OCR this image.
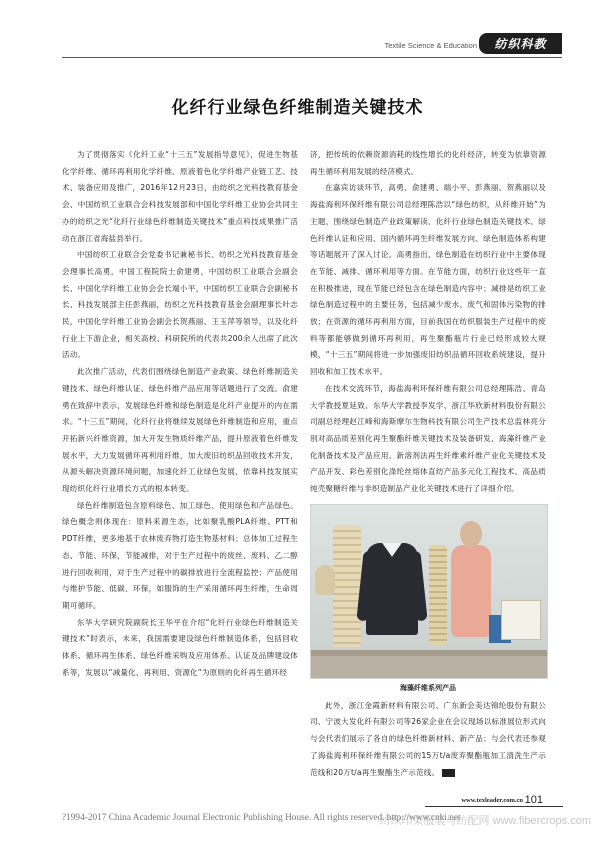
Textile Science & Education	纺织科教
化纤行业绿色纤维制造关键技术

为了贯彻落实《化纤工业“十三五”发展指导意见》，促进生物基化学纤维、循环再利用化学纤维、原液着色化学纤维产业链工艺、技术、装备应用及推广，2016年12月23日，由纺织之光科技教育基金会、中国纺织工业联合会科技发展部和中国化学纤维工业协会共同主办的纺织之光“化纤行业绿色纤维制造关键技术”重点科技成果推广活动在浙江省海盐县举行。

中国纺织工业联合会党委书记兼秘书长、纺织之光科技教育基金会理事长高勇，中国工程院院士俞建勇，中国纺织工业联合会副会长、中国化学纤维工业协会会长端小平，中国纺织工业联合会副秘书长、科技发展部主任彭燕丽，纺织之光科技教育基金会副理事长叶志民，中国化学纤维工业协会副会长贺燕丽、王玉萍等领导，以及化纤行业上下游企业，相关高校、科研院所的代表共200余人出席了此次活动。

此次推广活动，代表们围绕绿色制造产业政策、绿色纤维制造关键技术、绿色纤维认证、绿色纤维产品应用等话题进行了交流。俞建勇在致辞中表示，发展绿色纤维和绿色制造是化纤产业提升的内在需求。“十三五”期间，化纤行业将继续发展绿色纤维制造和应用，重点开拓新兴纤维资源，加大开发生物质纤维产品，提升原液着色纤维发展水平，大力发展循环再利用纤维，加大废旧纺织品回收技术开发，从源头解决资源环境问题，加速化纤工业绿色发展，依靠科技发展实现纺织化纤行业增长方式的根本转变。

绿色纤维制造包含原料绿色、加工绿色、使用绿色和产品绿色。绿色概念则体现在：原料来源生态，比如聚乳酸PLA纤维、PTT和PDT纤维，更多地基于农林废弃物打造生物基材料；总体加工过程生态、节能、环保，节能减排，对于生产过程中的废丝、废料、乙二醇进行回收利用，对于生产过程中的碳排放进行全流程监控；产品使用与维护节能、低碳、环保，如服饰的生产采用循环再生纤维，生命周期可循环。

东华大学研究院副院长王华平在介绍“化纤行业绿色纤维制造关键技术”时表示，未来，我国需要建设绿色纤维制造体系，包括回收体系、循环再生体系、绿色纤维采购及应用体系、认证及品牌建设体系等，发展以“减量化、再利用、资源化”为原则的化纤再生循环经

济，把传统的依赖资源消耗的线性增长的化纤经济，转变为依靠资源再生循环利用发展的经济模式。

在嘉宾访谈环节，高勇、俞建勇、端小平、彭燕丽、贺燕丽以及海盐海利环保纤维有限公司总经理陈浩以“绿色纺织，从纤维开始”为主题，围绕绿色制造产业政策解读、化纤行业绿色制造关键技术、绿色纤维认证和应用、国内循环再生纤维发展方向、绿色制造体系构建等话题展开了深入讨论。高勇指出，绿色制造在纺织行业中主要体现在节能、减排、循环利用等方面。在节能方面，纺织行业这些年一直在积极推进，现在节能已经包含在绿色制造内容中；减排是纺织工业绿色制造过程中的主要任务，包括减少废水、废气和固体污染物的排放；在资源的循环再利用方面，目前我国在纺织服装生产过程中的废料等都能够做到循环再利用，再生聚酯瓶片行业已经形成较大规模，“十三五”期间将进一步加强废旧纺织品循环回收系统建设，提升回收和加工技术水平。

在技术交流环节，海盐海利环保纤维有限公司总经理陈浩、青岛大学教授夏延致、东华大学教授李发学、浙江华欣新材料股份有限公司副总经理赵江峰和海斯摩尔生物科技有限公司生产技术总监林亮分别对高品质差别化再生聚酯纤维关键技术及装备研发、海藻纤维产业化制备技术及产品应用、新溶剂法再生纤维素纤维产业化关键技术及产品开发、彩色差别化涤纶丝熔体直纺产品多元化工程技术、高品质纯壳聚糖纤维与非织造制品产业化关键技术进行了详细介绍。

海藻纤维系列产品

此外，浙江金霞新材料有限公司、广东新会美达锦纶股份有限公司、宁波大发化纤有限公司等26家企业在会议现场以标准展位形式向与会代表们展示了各自的绿色纤维新材料、新产品；与会代表还参观了海盐海利环保纤维有限公司的15万t/a废弃聚酯瓶加工清洗生产示范线和20万t/a再生聚酯生产示范线。

www.texleader.com.cn 101
?1994-2017 China Academic Journal Electronic Publishing House. All rights reserved. http://www.cnki.net
纺织印染服装与纺配网 www.fibercrops.com
